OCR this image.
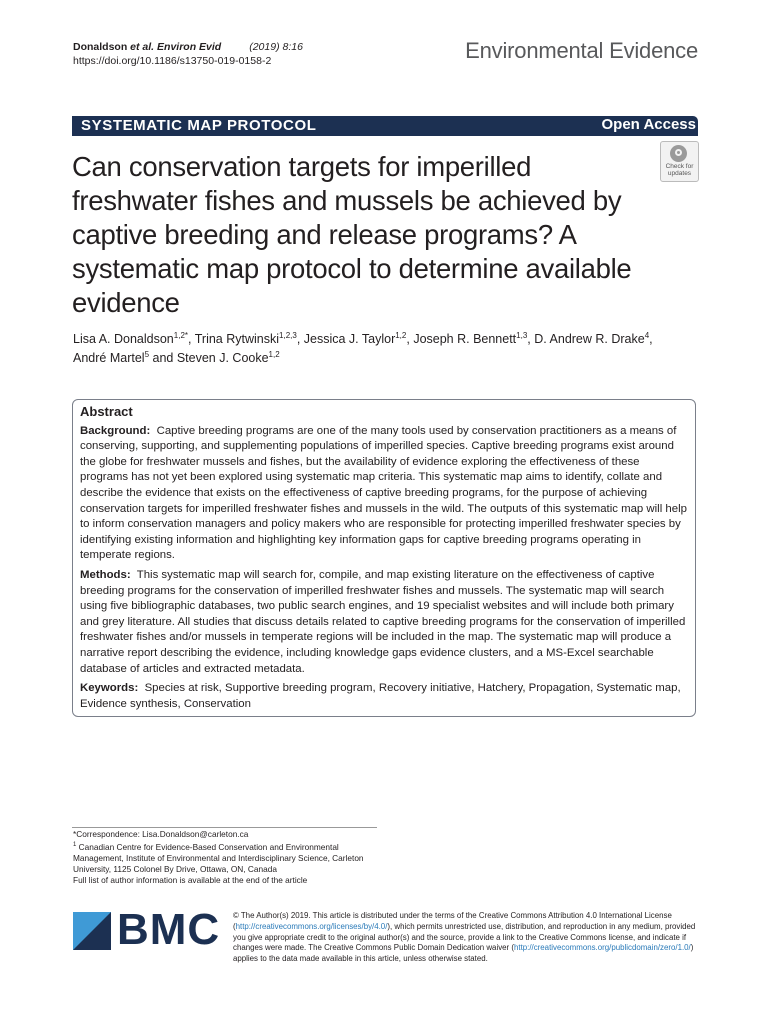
Donaldson et al. Environ Evid	(2019) 8:16
https://doi.org/10.1186/s13750-019-0158-2	Environmental Evidence
SYSTEMATIC MAP PROTOCOL	Open Access
Check for
updates
Can conservation targets for imperilled freshwater fishes and mussels be achieved by captive breeding and release programs? A systematic map protocol to determine available evidence
Lisa A. Donaldson$^{1,2*}$, Trina Rytwinski$^{1,2,3}$, Jessica J. Taylor$^{1,2}$, Joseph R. Bennett$^{1,3}$, D. Andrew R. Drake$^4$,
André Martel$^5$ and Steven J. Cooke$^{1,2}$
Abstract

Background: Captive breeding programs are one of the many tools used by conservation practitioners as a means of conserving, supporting, and supplementing populations of imperilled species. Captive breeding programs exist around the globe for freshwater mussels and fishes, but the availability of evidence exploring the effectiveness of these programs has not yet been explored using systematic map criteria. This systematic map aims to identify, collate and describe the evidence that exists on the effectiveness of captive breeding programs, for the purpose of achieving conservation targets for imperilled freshwater fishes and mussels in the wild. The outputs of this systematic map will help to inform conservation managers and policy makers who are responsible for protecting imperilled freshwater species by identifying existing information and highlighting key information gaps for captive breeding programs operating in temperate regions.

Methods: This systematic map will search for, compile, and map existing literature on the effectiveness of captive breeding programs for the conservation of imperilled freshwater fishes and mussels. The systematic map will search using five bibliographic databases, two public search engines, and 19 specialist websites and will include both primary and grey literature. All studies that discuss details related to captive breeding programs for the conservation of imperilled freshwater fishes and/or mussels in temperate regions will be included in the map. The systematic map will produce a narrative report describing the evidence, including knowledge gaps evidence clusters, and a MS-Excel searchable database of articles and extracted metadata.

Keywords: Species at risk, Supportive breeding program, Recovery initiative, Hatchery, Propagation, Systematic map, Evidence synthesis, Conservation

*Correspondence: Lisa.Donaldson@carleton.ca
$^1$ Canadian Centre for Evidence-Based Conservation and Environmental Management, Institute of Environmental and Interdisciplinary Science, Carleton University, 1125 Colonel By Drive, Ottawa, ON, Canada
Full list of author information is available at the end of the article
BMC © The Author(s) 2019. This article is distributed under the terms of the Creative Commons Attribution 4.0 International License (http://creativecommons.org/licenses/by/4.0/), which permits unrestricted use, distribution, and reproduction in any medium, provided you give appropriate credit to the original author(s) and the source, provide a link to the Creative Commons license, and indicate if changes were made. The Creative Commons Public Domain Dedication waiver (http://creativecommons.org/publicdomain/zero/1.0/) applies to the data made available in this article, unless otherwise stated.
